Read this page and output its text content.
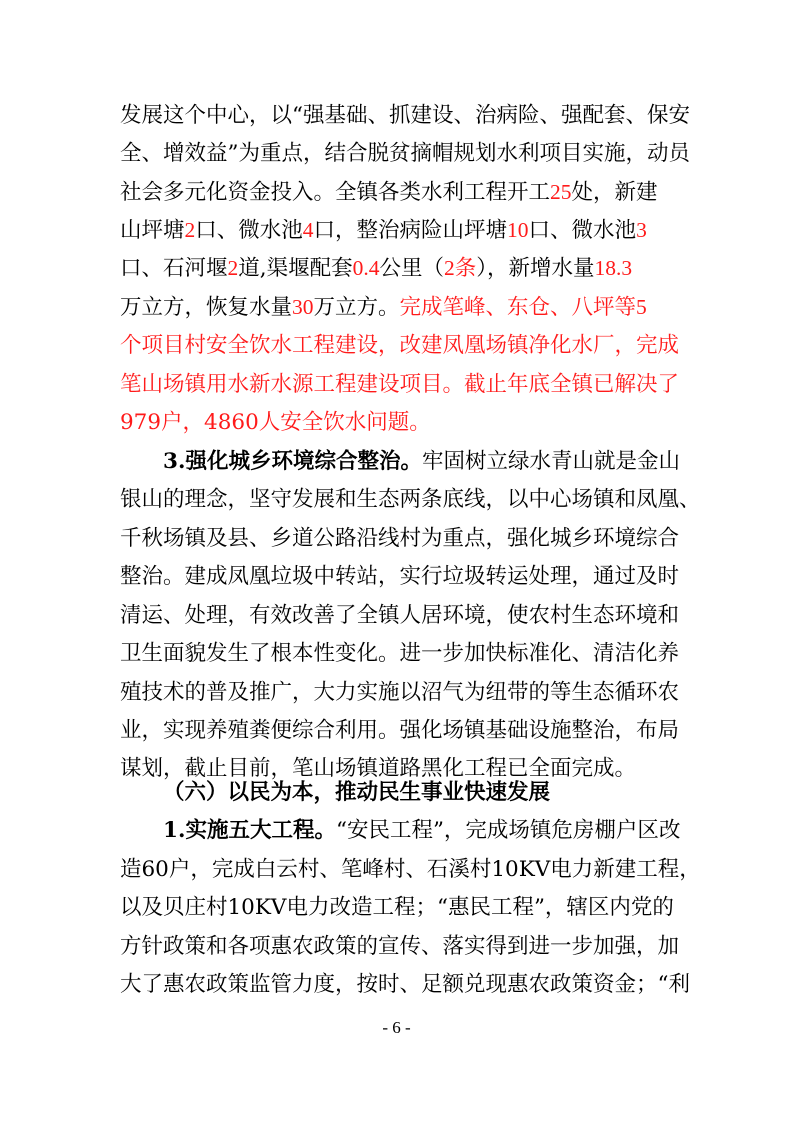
发展这个中心，以“强基础、抓建设、治病险、强配套、保安
全、增效益”为重点，结合脱贫摘帽规划水利项目实施，动员
社会多元化资金投入。全镇各类水利工程开工25处，新建
山坪塘2口、微水池4口，整治病险山坪塘10口、微水池3
口、石河堰2道,渠堰配套0.4公里（2条），新增水量18.3
万立方，恢复水量30万立方。完成笔峰、东仓、八坪等5
个项目村安全饮水工程建设，改建凤凰场镇净化水厂，完成
笔山场镇用水新水源工程建设项目。截止年底全镇已解决了
979户，4860人安全饮水问题。
3.强化城乡环境综合整治。牢固树立绿水青山就是金山
银山的理念，坚守发展和生态两条底线，以中心场镇和凤凰、
千秋场镇及县、乡道公路沿线村为重点，强化城乡环境综合
整治。建成凤凰垃圾中转站，实行垃圾转运处理，通过及时
清运、处理，有效改善了全镇人居环境，使农村生态环境和
卫生面貌发生了根本性变化。进一步加快标准化、清洁化养
殖技术的普及推广，大力实施以沼气为纽带的等生态循环农
业，实现养殖粪便综合利用。强化场镇基础设施整治，布局
谋划，截止目前，笔山场镇道路黑化工程已全面完成。
（六）以民为本，推动民生事业快速发展
1.实施五大工程。“安民工程”，完成场镇危房棚户区改
造60户，完成白云村、笔峰村、石溪村10KV电力新建工程，
以及贝庄村10KV电力改造工程；“惠民工程”，辖区内党的
方针政策和各项惠农政策的宣传、落实得到进一步加强，加
大了惠农政策监管力度，按时、足额兑现惠农政策资金；“利
- 6 -
